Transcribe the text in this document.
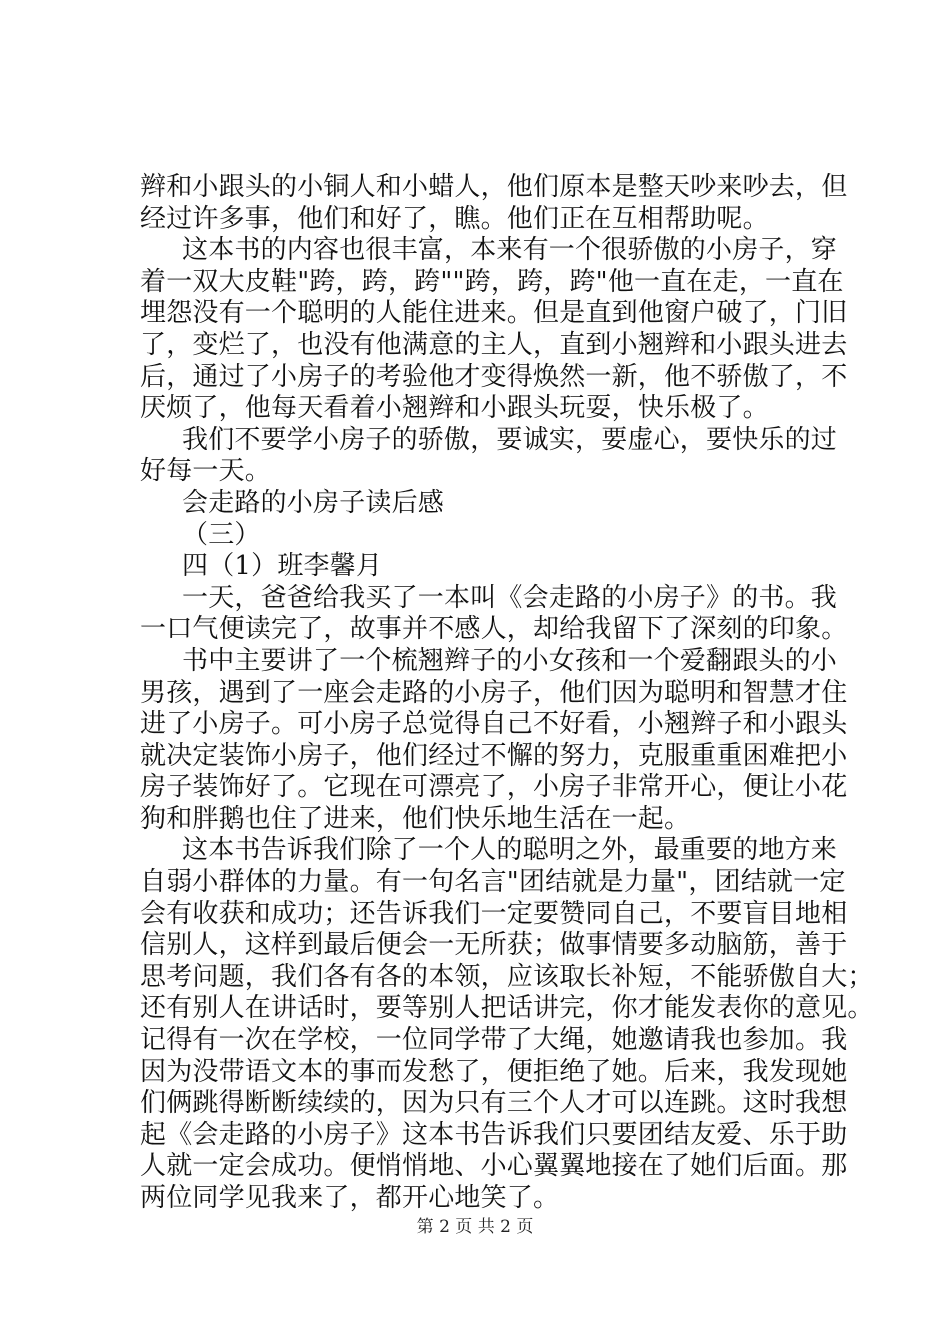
辫和小跟头的小铜人和小蜡人，他们原本是整天吵来吵去，但
经过许多事，他们和好了，瞧。他们正在互相帮助呢。
这本书的内容也很丰富，本来有一个很骄傲的小房子，穿
着一双大皮鞋"跨，跨，跨""跨，跨，跨"他一直在走，一直在
埋怨没有一个聪明的人能住进来。但是直到他窗户破了，门旧
了，变烂了，也没有他满意的主人，直到小翘辫和小跟头进去
后，通过了小房子的考验他才变得焕然一新，他不骄傲了，不
厌烦了，他每天看着小翘辫和小跟头玩耍，快乐极了。
我们不要学小房子的骄傲，要诚实，要虚心，要快乐的过
好每一天。
会走路的小房子读后感
（三）
四（1）班李馨月
一天，爸爸给我买了一本叫《会走路的小房子》的书。我
一口气便读完了，故事并不感人，却给我留下了深刻的印象。
书中主要讲了一个梳翘辫子的小女孩和一个爱翻跟头的小
男孩，遇到了一座会走路的小房子，他们因为聪明和智慧才住
进了小房子。可小房子总觉得自己不好看，小翘辫子和小跟头
就决定装饰小房子，他们经过不懈的努力，克服重重困难把小
房子装饰好了。它现在可漂亮了，小房子非常开心，便让小花
狗和胖鹅也住了进来，他们快乐地生活在一起。
这本书告诉我们除了一个人的聪明之外，最重要的地方来
自弱小群体的力量。有一句名言"团结就是力量"，团结就一定
会有收获和成功；还告诉我们一定要赞同自己，不要盲目地相
信别人，这样到最后便会一无所获；做事情要多动脑筋，善于
思考问题，我们各有各的本领，应该取长补短，不能骄傲自大；
还有别人在讲话时，要等别人把话讲完，你才能发表你的意见。
记得有一次在学校，一位同学带了大绳，她邀请我也参加。我
因为没带语文本的事而发愁了，便拒绝了她。后来，我发现她
们俩跳得断断续续的，因为只有三个人才可以连跳。这时我想
起《会走路的小房子》这本书告诉我们只要团结友爱、乐于助
人就一定会成功。便悄悄地、小心翼翼地接在了她们后面。那
两位同学见我来了，都开心地笑了。
第 2 页 共 2 页
